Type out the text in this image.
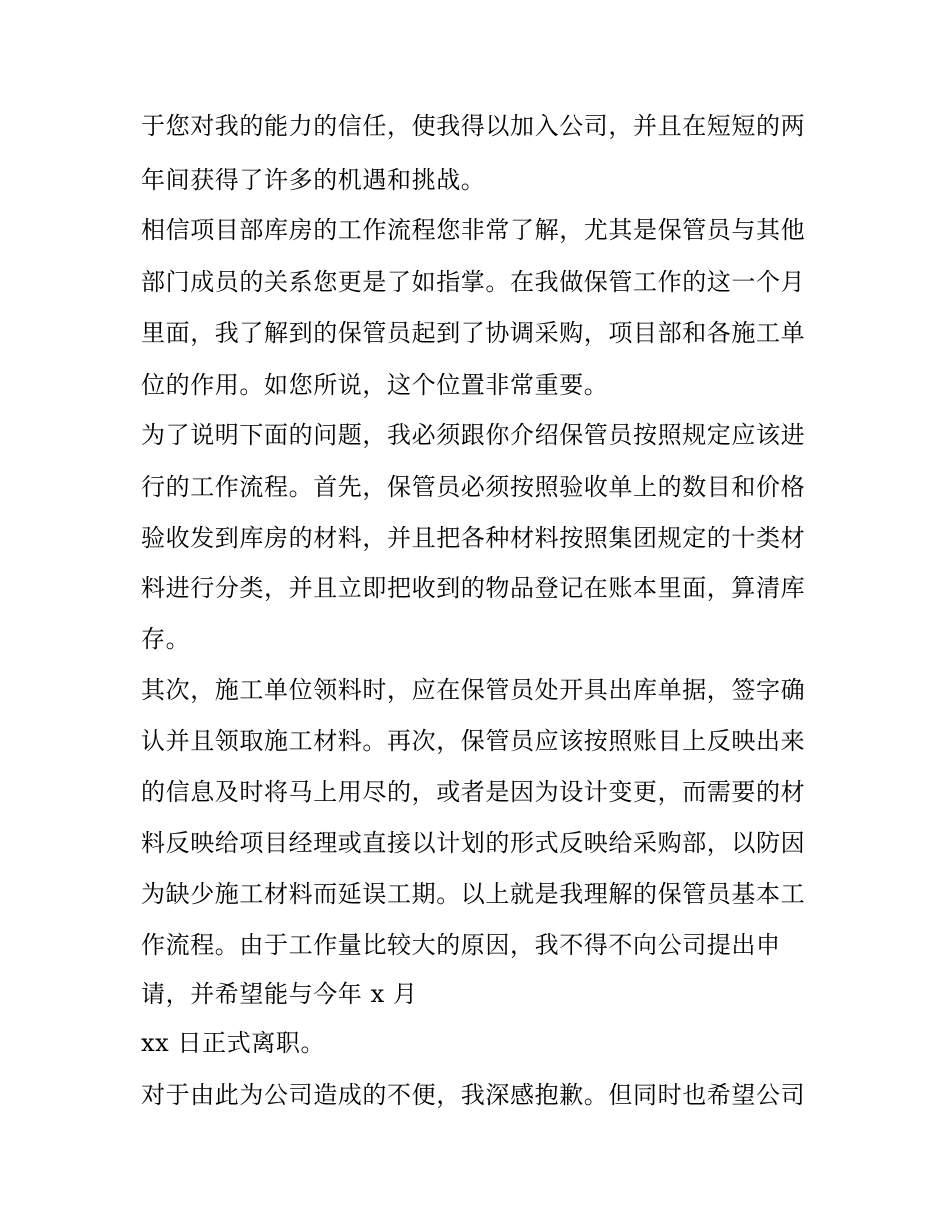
于您对我的能力的信任，使我得以加入公司，并且在短短的两
年间获得了许多的机遇和挑战。
相信项目部库房的工作流程您非常了解，尤其是保管员与其他
部门成员的关系您更是了如指掌。在我做保管工作的这一个月
里面，我了解到的保管员起到了协调采购，项目部和各施工单
位的作用。如您所说，这个位置非常重要。
为了说明下面的问题，我必须跟你介绍保管员按照规定应该进
行的工作流程。首先，保管员必须按照验收单上的数目和价格
验收发到库房的材料，并且把各种材料按照集团规定的十类材
料进行分类，并且立即把收到的物品登记在账本里面，算清库
存。
其次，施工单位领料时，应在保管员处开具出库单据，签字确
认并且领取施工材料。再次，保管员应该按照账目上反映出来
的信息及时将马上用尽的，或者是因为设计变更，而需要的材
料反映给项目经理或直接以计划的形式反映给采购部，以防因
为缺少施工材料而延误工期。以上就是我理解的保管员基本工
作流程。由于工作量比较大的原因，我不得不向公司提出申
请，并希望能与今年 x 月
xx 日正式离职。
对于由此为公司造成的不便，我深感抱歉。但同时也希望公司
